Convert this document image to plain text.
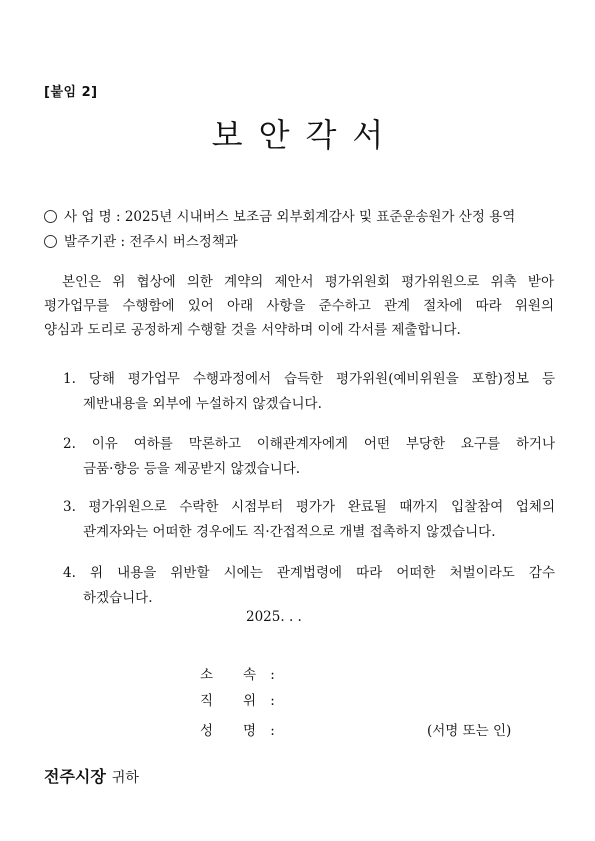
[붙임 2]
보안각서
사 업 명 : 2025년 시내버스 보조금 외부회계감사 및 표준운송원가 산정 용역
발주기관 : 전주시 버스정책과

본인은 위 협상에 의한 계약의 제안서 평가위원회 평가위원으로 위촉 받아

평가업무를 수행함에 있어 아래 사항을 준수하고 관계 절차에 따라 위원의

양심과 도리로 공정하게 수행할 것을 서약하며 이에 각서를 제출합니다.

1. 당해 평가업무 수행과정에서 습득한 평가위원(예비위원을 포함)정보 등
제반내용을 외부에 누설하지 않겠습니다.
2. 이유 여하를 막론하고 이해관계자에게 어떤 부당한 요구를 하거나
금품·향응 등을 제공받지 않겠습니다.
3. 평가위원으로 수락한 시점부터 평가가 완료될 때까지 입찰참여 업체의
관계자와는 어떠한 경우에도 직·간접적으로 개별 접촉하지 않겠습니다.
4. 위 내용을 위반할 시에는 관계법령에 따라 어떠한 처벌이라도 감수
하겠습니다.
2025. . .
소 속 :
직 위 :
성 명 :	(서명 또는 인)
전주시장 귀하
